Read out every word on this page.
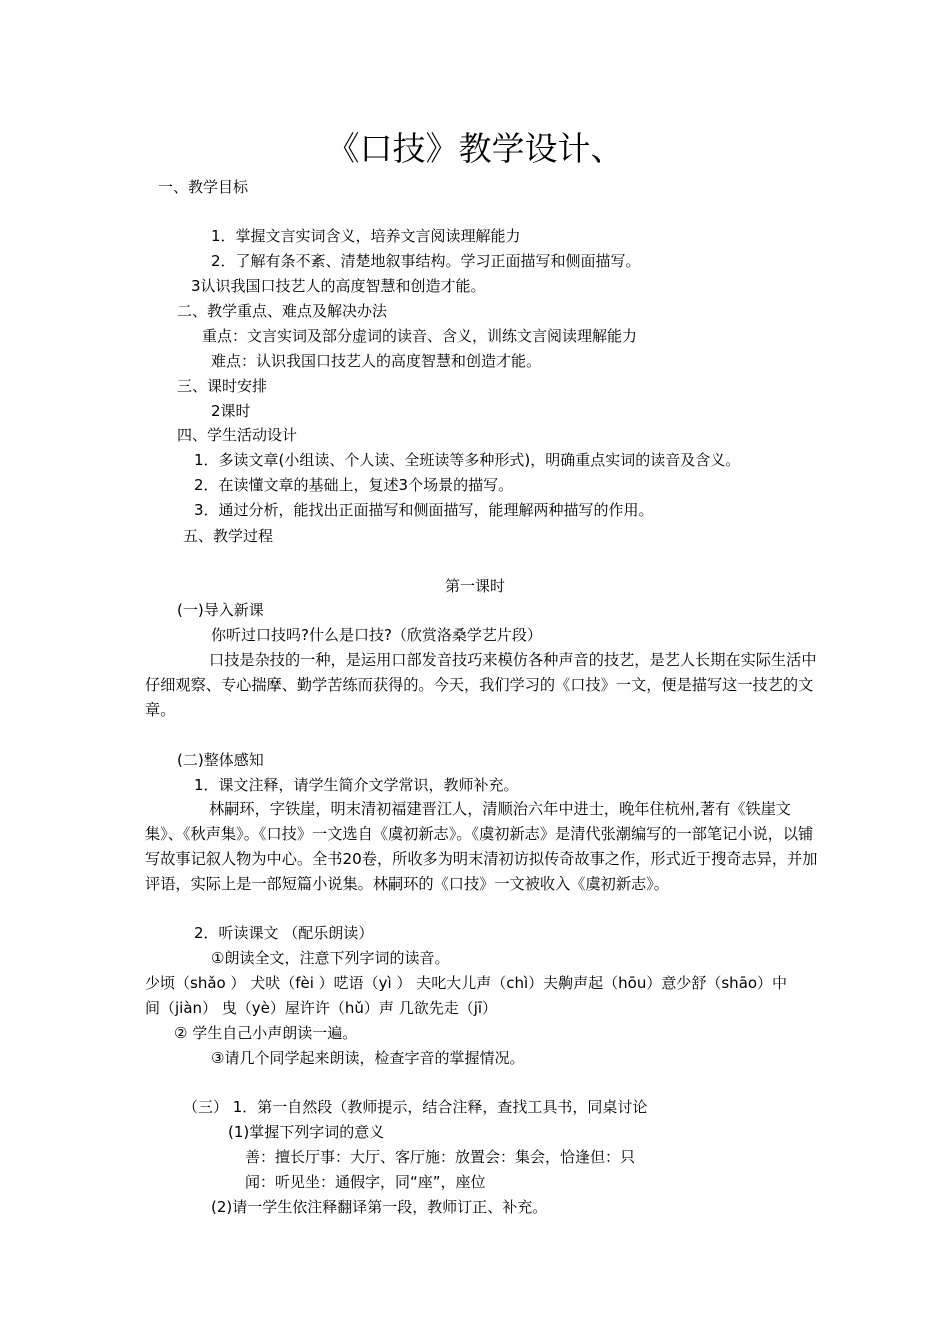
《口技》教学设计、
一、教学目标
1．掌握文言实词含义，培养文言阅读理解能力
2．了解有条不紊、清楚地叙事结构。学习正面描写和侧面描写。
3认识我国口技艺人的高度智慧和创造才能。
二、教学重点、难点及解决办法
重点：文言实词及部分虚词的读音、含义，训练文言阅读理解能力
难点：认识我国口技艺人的高度智慧和创造才能。
三、课时安排
2课时
四、学生活动设计
1．多读文章(小组读、个人读、全班读等多种形式)，明确重点实词的读音及含义。
2．在读懂文章的基础上，复述3个场景的描写。
3．通过分析，能找出正面描写和侧面描写，能理解两种描写的作用。
五、教学过程
第一课时
(一)导入新课
你听过口技吗?什么是口技?（欣赏洛桑学艺片段）
口技是杂技的一种，是运用口部发音技巧来模仿各种声音的技艺，是艺人长期在实际生活中仔细观察、专心揣摩、勤学苦练而获得的。今天，我们学习的《口技》一文，便是描写这一技艺的文章。
(二)整体感知
1．课文注释，请学生简介文学常识，教师补充。
林嗣环，字铁崖，明末清初福建晋江人，清顺治六年中进士，晚年住杭州,著有《铁崖文集》、《秋声集》。《口技》一文选自《虞初新志》。《虞初新志》是清代张潮编写的一部笔记小说，以铺写故事记叙人物为中心。全书20卷，所收多为明末清初访拟传奇故事之作，形式近于搜奇志异，并加评语，实际上是一部短篇小说集。林嗣环的《口技》一文被收入《虞初新志》。
2．听读课文 （配乐朗读）
①朗读全文，注意下列字词的读音。
少顷（shǎo ） 犬吠（fèi ）呓语（yì ） 夫叱大儿声（chì）夫齁声起（hōu）意少舒（shāo）中
间（jiàn） 曳（yè）屋许许（hǔ）声 几欲先走（jī）
② 学生自己小声朗读一遍。
③请几个同学起来朗读，检查字音的掌握情况。
（三） 1．第一自然段（教师提示，结合注释，查找工具书，同桌讨论
(1)掌握下列字词的意义
善：擅长厅事：大厅、客厅施：放置会：集会，恰逢但：只
闻：听见坐：通假字，同“座”，座位
(2)请一学生依注释翻译第一段，教师订正、补充。
